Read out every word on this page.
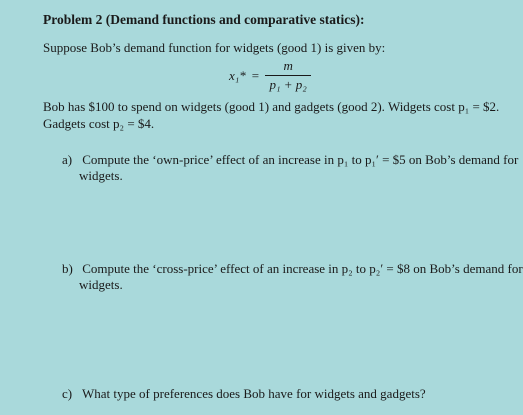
Problem 2 (Demand functions and comparative statics):
Suppose Bob’s demand function for widgets (good 1) is given by:
$x_1* = \frac{m}{\text{p₁ + p₂}}$
Bob has $100 to spend on widgets (good 1) and gadgets (good 2). Widgets cost p₁ = $2.
Gadgets cost p₂ = $4.
a) Compute the ‘own-price’ effect of an increase in p₁ to p₁′ = $5 on Bob’s demand for
widgets.
b) Compute the ‘cross-price’ effect of an increase in p₂ to p₂′ = $8 on Bob’s demand for
widgets.
c) What type of preferences does Bob have for widgets and gadgets?
